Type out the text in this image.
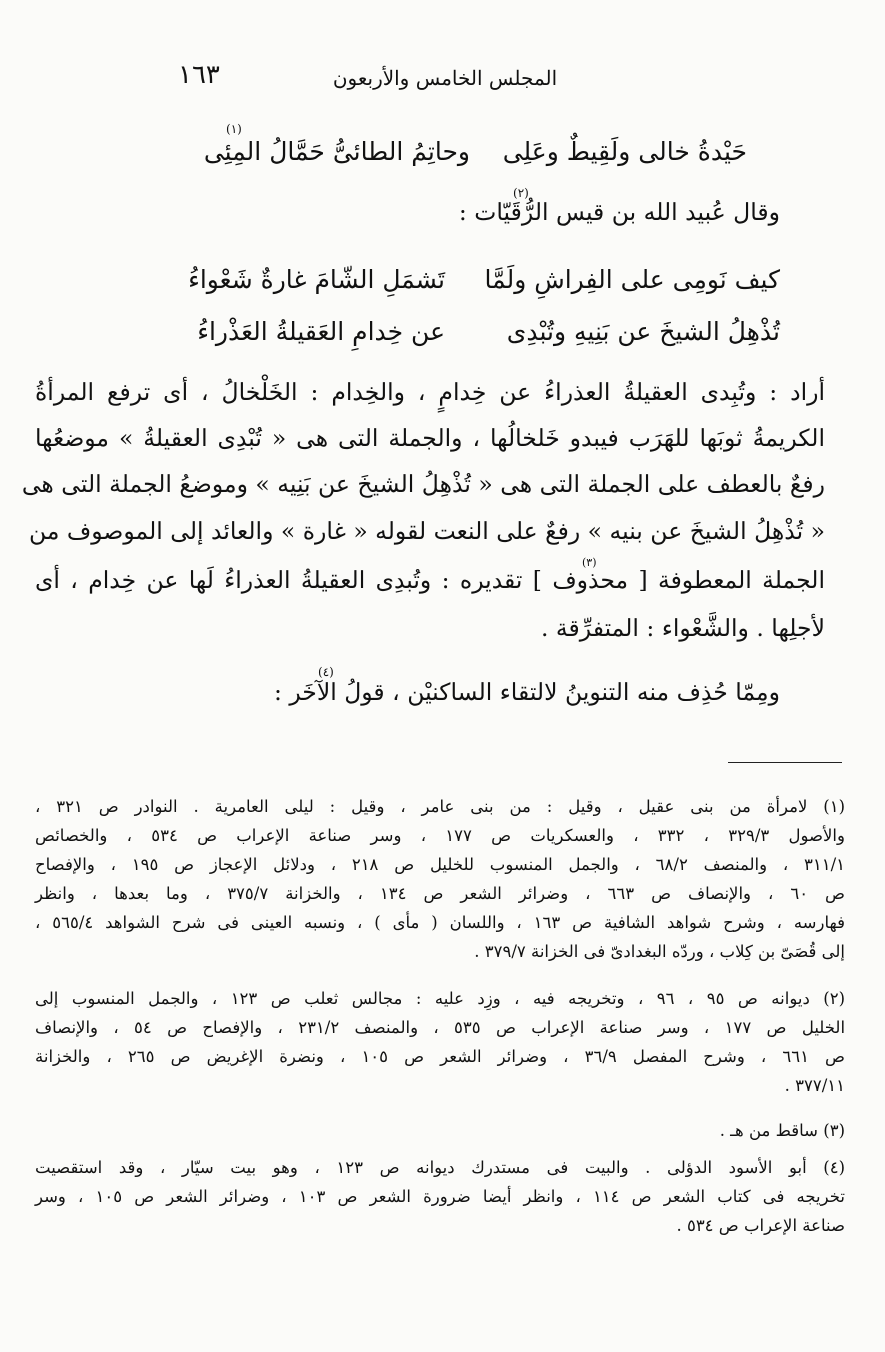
المجلس الخامس والأربعون
١٦٣
حَيْدةُ خالى ولَقِيطٌ وعَلِى
وحاتِمُ الطائىُّ حَمَّالُ المِئِى
(١)
وقال عُبيد الله بن قيس الرُّقَيّات :
(٢)
كيف نَومِى على الفِراشِ ولَمَّا
تَشمَلِ الشّامَ غارةٌ شَعْواءُ
تُذْهِلُ الشيخَ عن بَنِيهِ وتُبْدِى
عن خِدامِ العَقيلةُ العَذْراءُ
أراد : وتُبِدى العقيلةُ العذراءُ عن خِدامٍ ، والخِدام : الخَلْخالُ ، أى ترفع المرأةُ
الكريمةُ ثوبَها للهَرَب فيبدو خَلخالُها ، والجملة التى هى « تُبْدِى العقيلةُ » موضعُها
رفعٌ بالعطف على الجملة التى هى « تُذْهِلُ الشيخَ عن بَنِيه » وموضعُ الجملة التى هى
« تُذْهِلُ الشيخَ عن بنيه » رفعٌ على النعت لقوله « غارة » والعائد إلى الموصوف من
الجملة المعطوفة [ محذوف ] تقديره : وتُبدِى العقيلةُ العذراءُ لَها عن خِدام ، أى
(٣)
لأجلِها . والشَّعْواء : المتفرِّقة .
ومِمّا حُذِف منه التنوينُ لالتقاء الساكنيْن ، قولُ الآخَر :
(٤)
(١) لامرأة من بنى عقيل ، وقيل : من بنى عامر ، وقيل : ليلى العامرية . النوادر ص ٣٢١ ،
والأصول ٣٢٩/٣ ، ٣٣٢ ، والعسكريات ص ١٧٧ ، وسر صناعة الإعراب ص ٥٣٤ ، والخصائص
٣١١/١ ، والمنصف ٦٨/٢ ، والجمل المنسوب للخليل ص ٢١٨ ، ودلائل الإعجاز ص ١٩٥ ، والإفصاح
ص ٦٠ ، والإنصاف ص ٦٦٣ ، وضرائر الشعر ص ١٣٤ ، والخزانة ٣٧٥/٧ ، وما بعدها ، وانظر
فهارسه ، وشرح شواهد الشافية ص ١٦٣ ، واللسان ( مأى ) ، ونسبه العينى فى شرح الشواهد ٥٦٥/٤ ،
إلى قُصَىّ بن كِلاب ، وردّه البغدادىّ فى الخزانة ٣٧٩/٧ .
(٢) ديوانه ص ٩٥ ، ٩٦ ، وتخريجه فيه ، وزِد عليه : مجالس ثعلب ص ١٢٣ ، والجمل المنسوب إلى
الخليل ص ١٧٧ ، وسر صناعة الإعراب ص ٥٣٥ ، والمنصف ٢٣١/٢ ، والإفصاح ص ٥٤ ، والإنصاف
ص ٦٦١ ، وشرح المفصل ٣٦/٩ ، وضرائر الشعر ص ١٠٥ ، ونضرة الإغريض ص ٢٦٥ ، والخزانة
٣٧٧/١١ .
(٣) ساقط من هـ .
(٤) أبو الأسود الدؤلى . والبيت فى مستدرك ديوانه ص ١٢٣ ، وهو بيت سيّار ، وقد استقصيت
تخريجه فى كتاب الشعر ص ١١٤ ، وانظر أيضا ضرورة الشعر ص ١٠٣ ، وضرائر الشعر ص ١٠٥ ، وسر
صناعة الإعراب ص ٥٣٤ .
